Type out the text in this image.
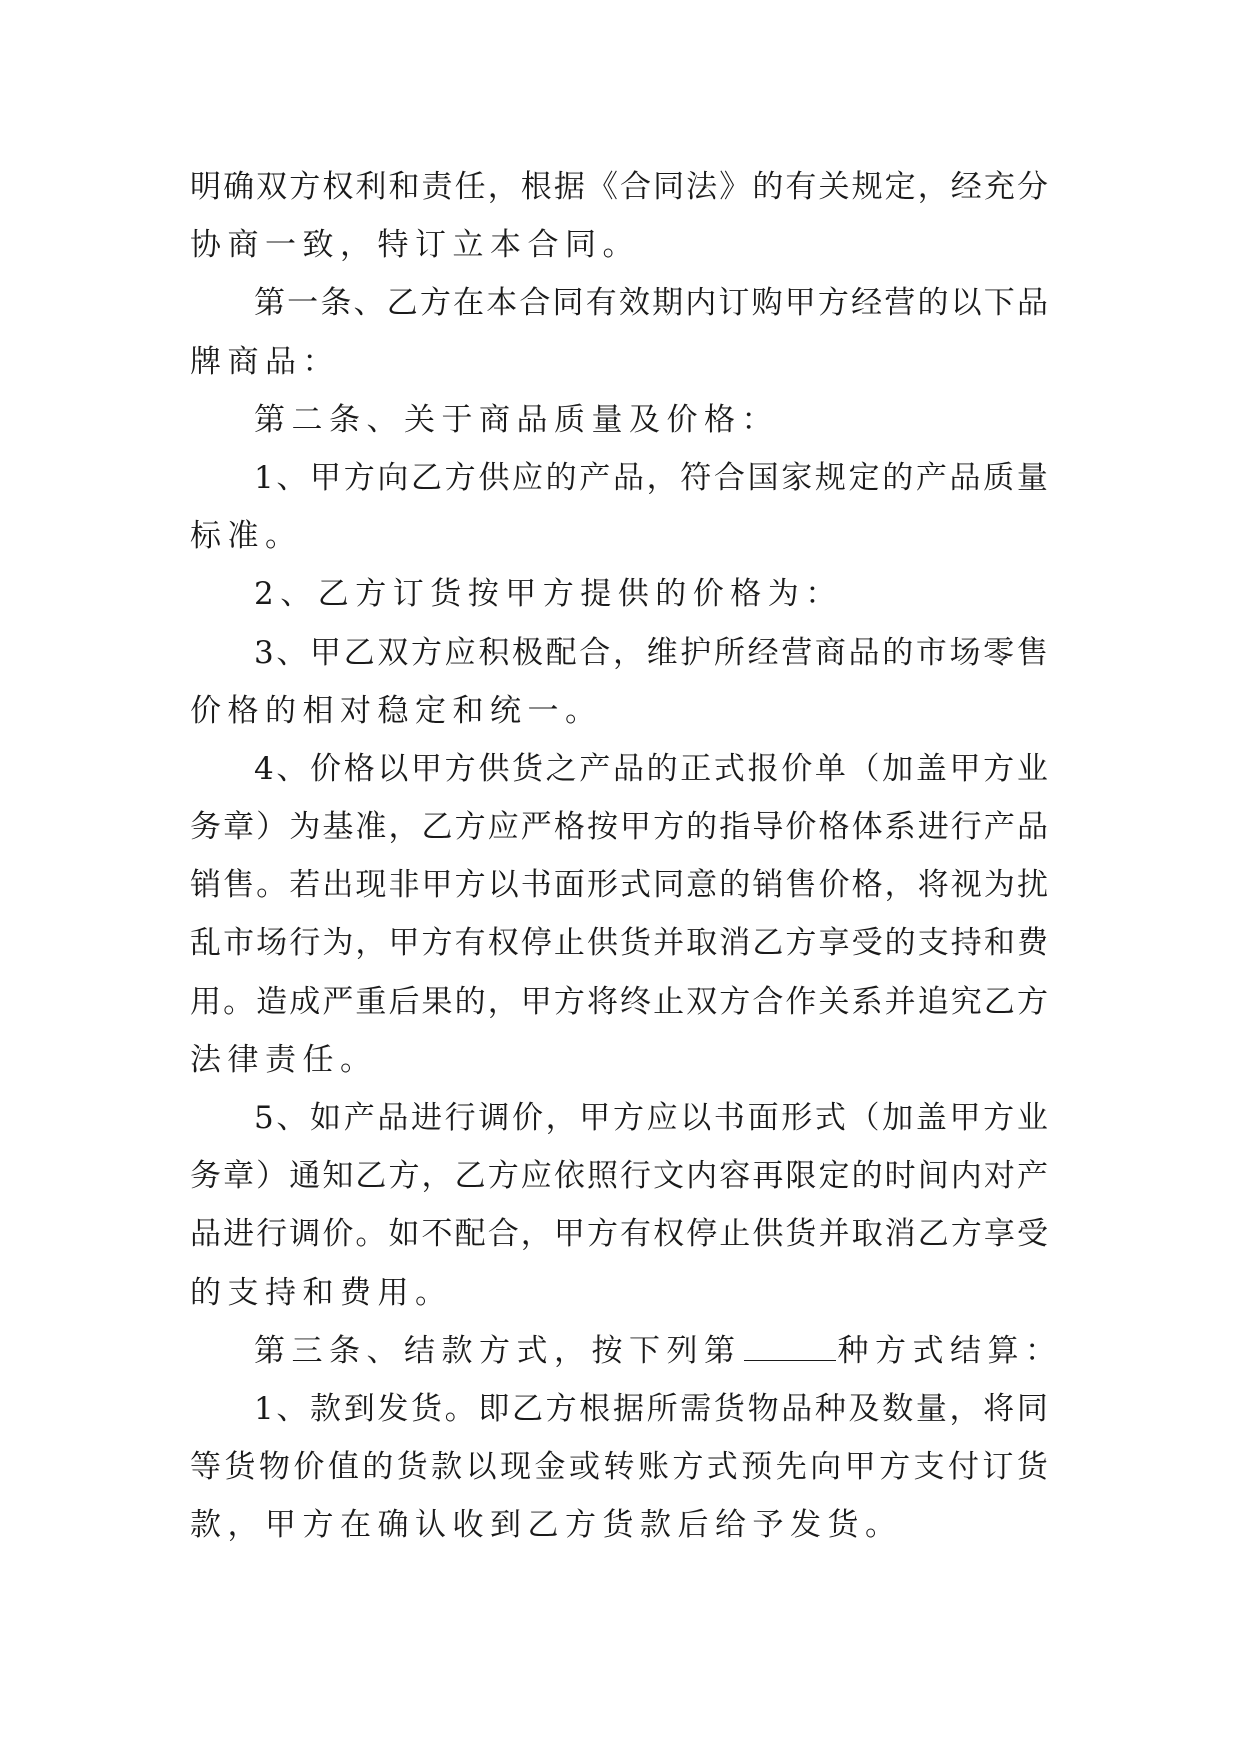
明 确 双 方 权 利 和 责 任 ， 根 据 《 合 同 法 》 的 有 关 规 定 ， 经 充 分
协商一致，特订立本合同。
第 一 条 、 乙 方 在 本 合 同 有 效 期 内 订 购 甲 方 经 营 的 以 下 品
牌商品：
第二条、关于商品质量及价格：
1 、 甲 方 向 乙 方 供 应 的 产 品 ， 符 合 国 家 规 定 的 产 品 质 量
标准。
2、乙方订货按甲方提供的价格为：
3 、 甲 乙 双 方 应 积 极 配 合 ， 维 护 所 经 营 商 品 的 市 场 零 售
价格的相对稳定和统一。
4 、 价 格 以 甲 方 供 货 之 产 品 的 正 式 报 价 单 （ 加 盖 甲 方 业
务 章 ） 为 基 准 ， 乙 方 应 严 格 按 甲 方 的 指 导 价 格 体 系 进 行 产 品
销 售 。 若 出 现 非 甲 方 以 书 面 形 式 同 意 的 销 售 价 格 ， 将 视 为 扰
乱 市 场 行 为 ， 甲 方 有 权 停 止 供 货 并 取 消 乙 方 享 受 的 支 持 和 费
用 。 造 成 严 重 后 果 的 ， 甲 方 将 终 止 双 方 合 作 关 系 并 追 究 乙 方
法律责任。
5 、 如 产 品 进 行 调 价 ， 甲 方 应 以 书 面 形 式 （ 加 盖 甲 方 业
务 章 ） 通 知 乙 方 ， 乙 方 应 依 照 行 文 内 容 再 限 定 的 时 间 内 对 产
品 进 行 调 价 。 如 不 配 合 ， 甲 方 有 权 停 止 供 货 并 取 消 乙 方 享 受
的支持和费用。
第三条、结款方式，按下列第	种方式结算：
1 、 款 到 发 货 。 即 乙 方 根 据 所 需 货 物 品 种 及 数 量 ， 将 同
等 货 物 价 值 的 货 款 以 现 金 或 转 账 方 式 预 先 向 甲 方 支 付 订 货
款，甲方在确认收到乙方货款后给予发货。
